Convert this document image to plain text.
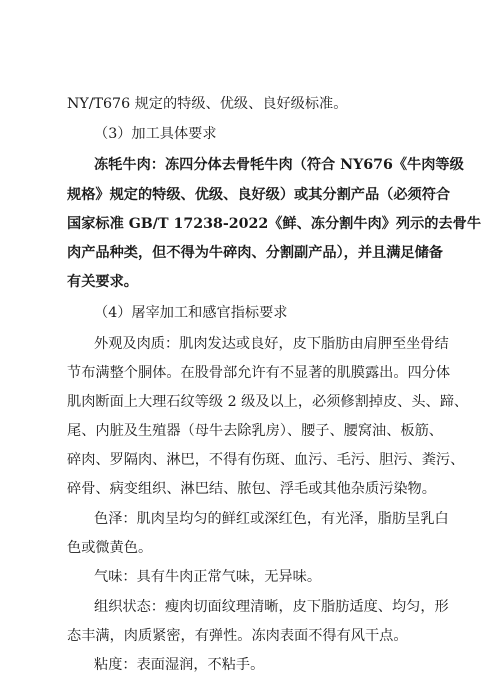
NY/T676 规定的特级、优级、良好级标准。
（3）加工具体要求
冻牦牛肉：冻四分体去骨牦牛肉（符合 NY676《牛肉等级
规格》规定的特级、优级、良好级）或其分割产品（必须符合
国家标准 GB/T 17238-2022《鲜、冻分割牛肉》列示的去骨牛
肉产品种类，但不得为牛碎肉、分割副产品），并且满足储备
有关要求。
（4）屠宰加工和感官指标要求
外观及肉质：肌肉发达或良好，皮下脂肪由肩胛至坐骨结
节布满整个胴体。在股骨部允许有不显著的肌膜露出。四分体
肌肉断面上大理石纹等级 2 级及以上，必须修割掉皮、头、蹄、
尾、内脏及生殖器（母牛去除乳房）、腰子、腰窝油、板筋、
碎肉、罗隔肉、淋巴，不得有伤斑、血污、毛污、胆污、粪污、
碎骨、病变组织、淋巴结、脓包、浮毛或其他杂质污染物。
色泽：肌肉呈均匀的鲜红或深红色，有光泽，脂肪呈乳白
色或微黄色。
气味：具有牛肉正常气味，无异味。
组织状态：瘦肉切面纹理清晰，皮下脂肪适度、均匀，形
态丰满，肉质紧密，有弹性。冻肉表面不得有风干点。
粘度：表面湿润，不粘手。
